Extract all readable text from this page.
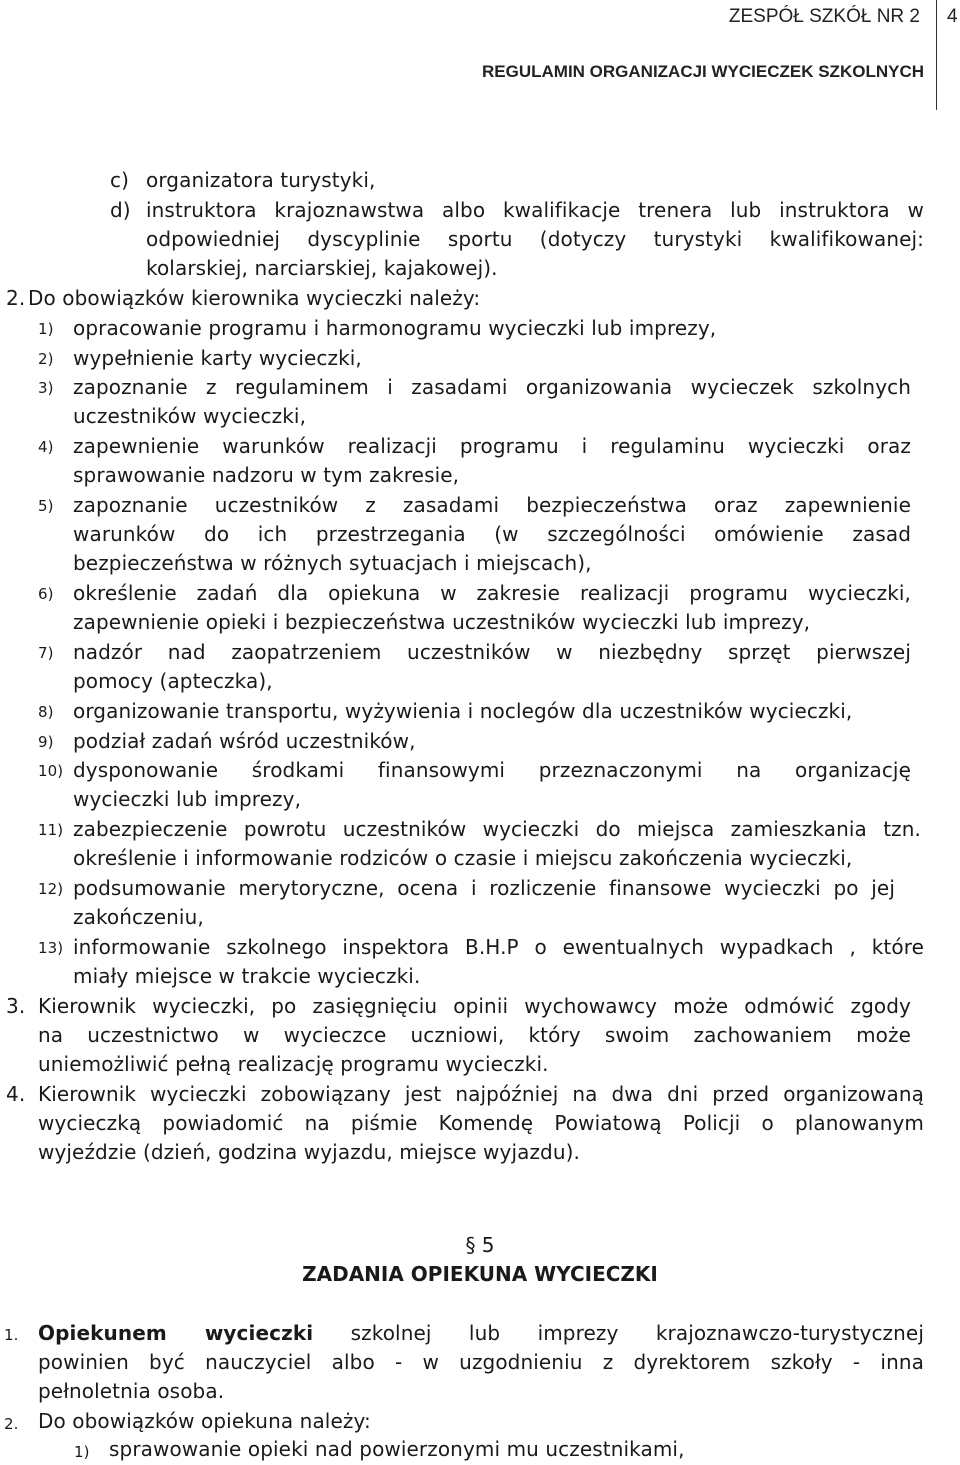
ZESPÓŁ SZKÓŁ NR 2 4
REGULAMIN ORGANIZACJI WYCIECZEK SZKOLNYCH
c) organizatora turystyki,
d) instruktora krajoznawstwa albo kwalifikacje trenera lub instruktora w
odpowiedniej dyscyplinie sportu (dotyczy turystyki kwalifikowanej:
kolarskiej, narciarskiej, kajakowej).
2. Do obowiązków kierownika wycieczki należy:
1) opracowanie programu i harmonogramu wycieczki lub imprezy,
2) wypełnienie karty wycieczki,
3) zapoznanie z regulaminem i zasadami organizowania wycieczek szkolnych
uczestników wycieczki,
4) zapewnienie warunków realizacji programu i regulaminu wycieczki oraz
sprawowanie nadzoru w tym zakresie,
5) zapoznanie uczestników z zasadami bezpieczeństwa oraz zapewnienie
warunków do ich przestrzegania (w szczególności omówienie zasad
bezpieczeństwa w różnych sytuacjach i miejscach),
6) określenie zadań dla opiekuna w zakresie realizacji programu wycieczki,
zapewnienie opieki i bezpieczeństwa uczestników wycieczki lub imprezy,
7) nadzór nad zaopatrzeniem uczestników w niezbędny sprzęt pierwszej
pomocy (apteczka),
8) organizowanie transportu, wyżywienia i noclegów dla uczestników wycieczki,
9) podział zadań wśród uczestników,
10) dysponowanie środkami finansowymi przeznaczonymi na organizację
wycieczki lub imprezy,
11) zabezpieczenie powrotu uczestników wycieczki do miejsca zamieszkania tzn.
określenie i informowanie rodziców o czasie i miejscu zakończenia wycieczki,
12) podsumowanie merytoryczne, ocena i rozliczenie finansowe wycieczki po jej
zakończeniu,
13) informowanie szkolnego inspektora B.H.P o ewentualnych wypadkach , które
miały miejsce w trakcie wycieczki.
3. Kierownik wycieczki, po zasięgnięciu opinii wychowawcy może odmówić zgody
na uczestnictwo w wycieczce uczniowi, który swoim zachowaniem może
uniemożliwić pełną realizację programu wycieczki.
4. Kierownik wycieczki zobowiązany jest najpóźniej na dwa dni przed organizowaną
wycieczką powiadomić na piśmie Komendę Powiatową Policji o planowanym
wyjeździe (dzień, godzina wyjazdu, miejsce wyjazdu).
§ 5
ZADANIA OPIEKUNA WYCIECZKI
1. Opiekunem wycieczki szkolnej lub imprezy krajoznawczo-turystycznej
powinien być nauczyciel albo - w uzgodnieniu z dyrektorem szkoły - inna
pełnoletnia osoba.
2. Do obowiązków opiekuna należy:
1) sprawowanie opieki nad powierzonymi mu uczestnikami,
